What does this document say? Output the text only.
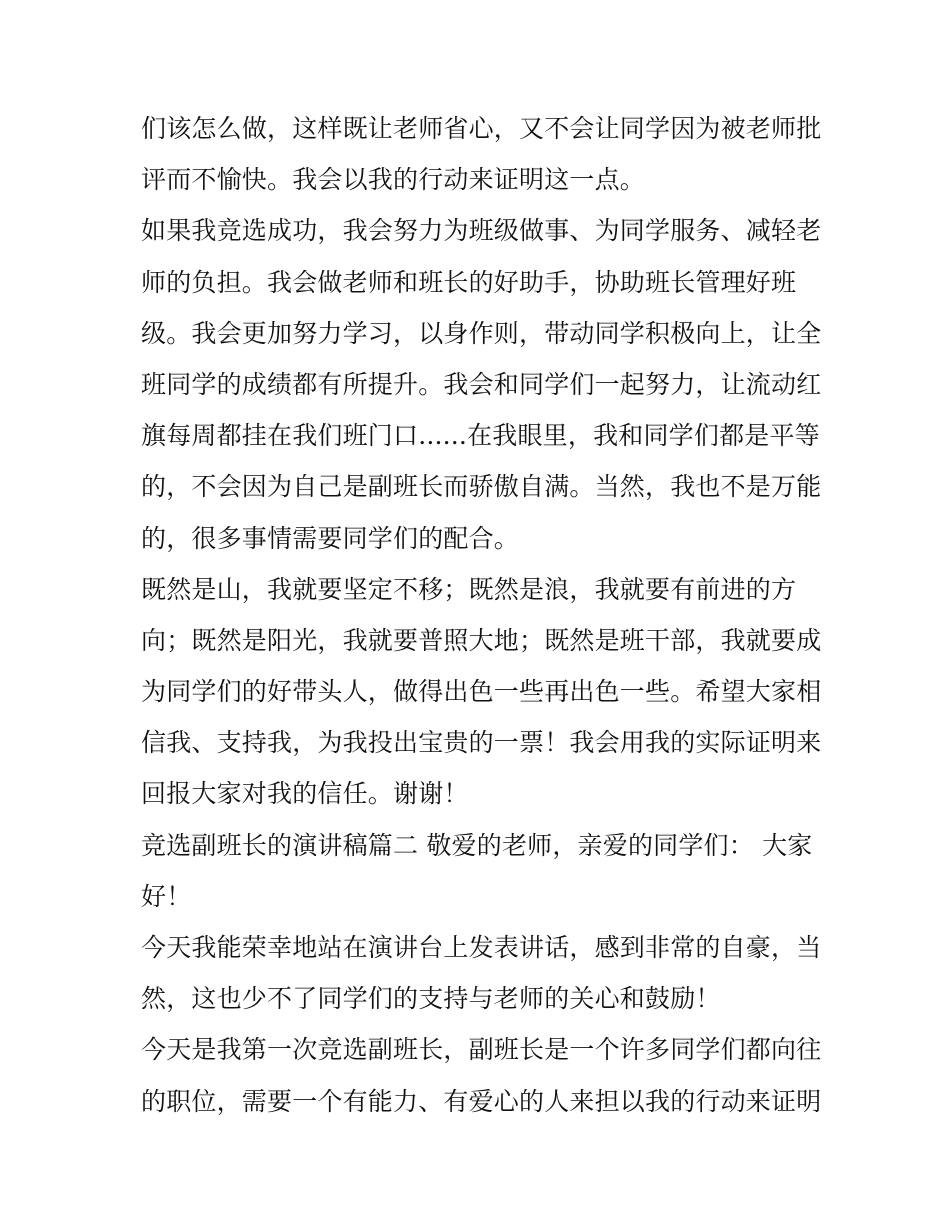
们该怎么做，这样既让老师省心，又不会让同学因为被老师批
评而不愉快。我会以我的行动来证明这一点。
如果我竞选成功，我会努力为班级做事、为同学服务、减轻老
师的负担。我会做老师和班长的好助手，协助班长管理好班
级。我会更加努力学习，以身作则，带动同学积极向上，让全
班同学的成绩都有所提升。我会和同学们一起努力，让流动红
旗每周都挂在我们班门口......在我眼里，我和同学们都是平等
的，不会因为自己是副班长而骄傲自满。当然，我也不是万能
的，很多事情需要同学们的配合。
既然是山，我就要坚定不移；既然是浪，我就要有前进的方
向；既然是阳光，我就要普照大地；既然是班干部，我就要成
为同学们的好带头人，做得出色一些再出色一些。希望大家相
信我、支持我，为我投出宝贵的一票！我会用我的实际证明来
回报大家对我的信任。谢谢！
竞选副班长的演讲稿篇二 敬爱的老师，亲爱的同学们： 大家
好！
今天我能荣幸地站在演讲台上发表讲话，感到非常的自豪，当
然，这也少不了同学们的支持与老师的关心和鼓励！
今天是我第一次竞选副班长，副班长是一个许多同学们都向往
的职位，需要一个有能力、有爱心的人来担以我的行动来证明
